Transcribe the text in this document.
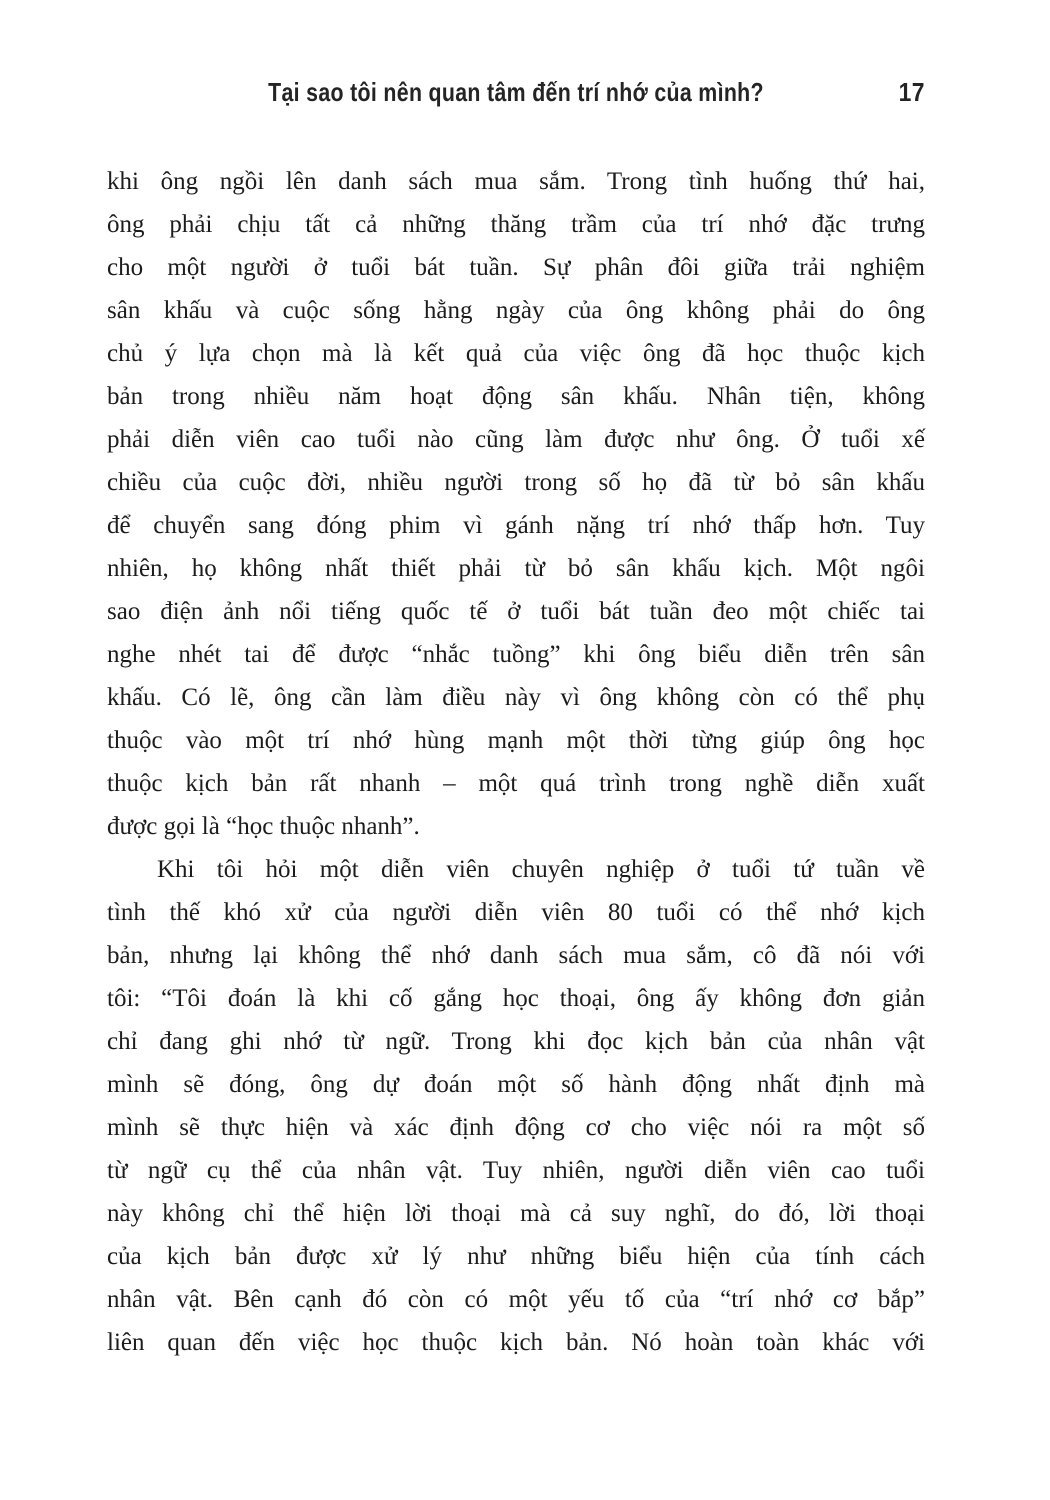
Tại sao tôi nên quan tâm đến trí nhớ của mình?	17
khi ông ngồi lên danh sách mua sắm. Trong tình huống thứ hai,
ông phải chịu tất cả những thăng trầm của trí nhớ đặc trưng
cho một người ở tuổi bát tuần. Sự phân đôi giữa trải nghiệm
sân khấu và cuộc sống hằng ngày của ông không phải do ông
chủ ý lựa chọn mà là kết quả của việc ông đã học thuộc kịch
bản trong nhiều năm hoạt động sân khấu. Nhân tiện, không
phải diễn viên cao tuổi nào cũng làm được như ông. Ở tuổi xế
chiều của cuộc đời, nhiều người trong số họ đã từ bỏ sân khấu
để chuyển sang đóng phim vì gánh nặng trí nhớ thấp hơn. Tuy
nhiên, họ không nhất thiết phải từ bỏ sân khấu kịch. Một ngôi
sao điện ảnh nổi tiếng quốc tế ở tuổi bát tuần đeo một chiếc tai
nghe nhét tai để được “nhắc tuồng” khi ông biểu diễn trên sân
khấu. Có lẽ, ông cần làm điều này vì ông không còn có thể phụ
thuộc vào một trí nhớ hùng mạnh một thời từng giúp ông học
thuộc kịch bản rất nhanh – một quá trình trong nghề diễn xuất
được gọi là “học thuộc nhanh”.
Khi tôi hỏi một diễn viên chuyên nghiệp ở tuổi tứ tuần về
tình thế khó xử của người diễn viên 80 tuổi có thể nhớ kịch
bản, nhưng lại không thể nhớ danh sách mua sắm, cô đã nói với
tôi: “Tôi đoán là khi cố gắng học thoại, ông ấy không đơn giản
chỉ đang ghi nhớ từ ngữ. Trong khi đọc kịch bản của nhân vật
mình sẽ đóng, ông dự đoán một số hành động nhất định mà
mình sẽ thực hiện và xác định động cơ cho việc nói ra một số
từ ngữ cụ thể của nhân vật. Tuy nhiên, người diễn viên cao tuổi
này không chỉ thể hiện lời thoại mà cả suy nghĩ, do đó, lời thoại
của kịch bản được xử lý như những biểu hiện của tính cách
nhân vật. Bên cạnh đó còn có một yếu tố của “trí nhớ cơ bắp”
liên quan đến việc học thuộc kịch bản. Nó hoàn toàn khác với
